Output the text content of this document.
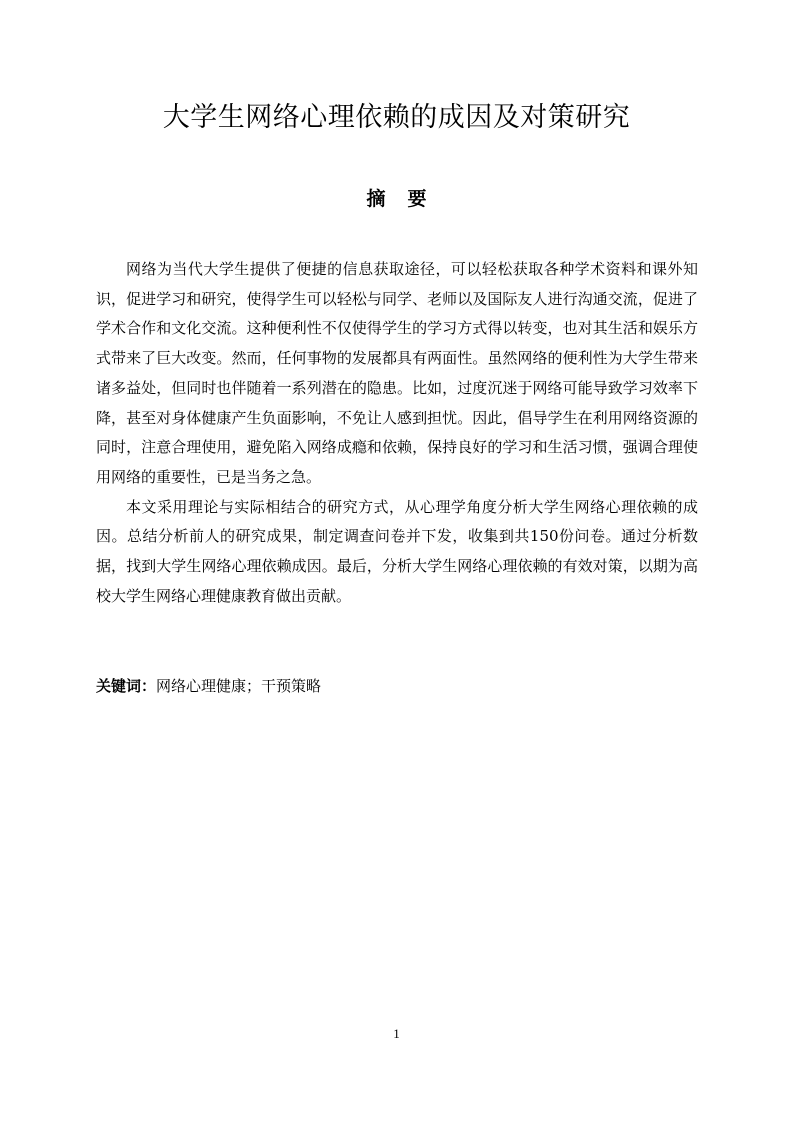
大学生网络心理依赖的成因及对策研究
摘要

网络为当代大学生提供了便捷的信息获取途径，可以轻松获取各种学术资料和课外知识，促进学习和研究，使得学生可以轻松与同学、老师以及国际友人进行沟通交流，促进了学术合作和文化交流。这种便利性不仅使得学生的学习方式得以转变，也对其生活和娱乐方式带来了巨大改变。然而，任何事物的发展都具有两面性。虽然网络的便利性为大学生带来诸多益处，但同时也伴随着一系列潜在的隐患。比如，过度沉迷于网络可能导致学习效率下降，甚至对身体健康产生负面影响，不免让人感到担忧。因此，倡导学生在利用网络资源的同时，注意合理使用，避免陷入网络成瘾和依赖，保持良好的学习和生活习惯，强调合理使用网络的重要性，已是当务之急。

本文采用理论与实际相结合的研究方式，从心理学角度分析大学生网络心理依赖的成因。总结分析前人的研究成果，制定调查问卷并下发，收集到共150份问卷。通过分析数据，找到大学生网络心理依赖成因。最后，分析大学生网络心理依赖的有效对策，以期为高校大学生网络心理健康教育做出贡献。

关键词：网络心理健康；干预策略

1
